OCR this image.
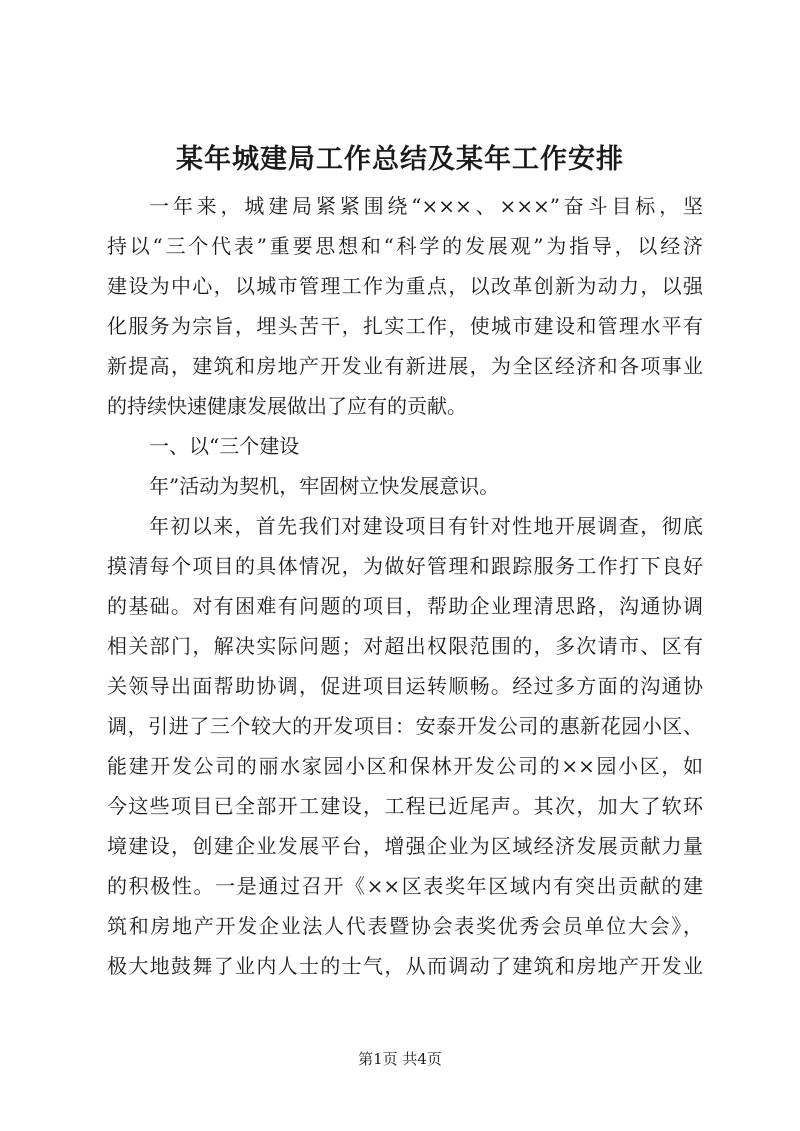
某年城建局工作总结及某年工作安排
一年来，城建局紧紧围绕“×××、×××”奋斗目标，坚
持以“三个代表”重要思想和“科学的发展观”为指导，以经济
建设为中心，以城市管理工作为重点，以改革创新为动力，以强
化服务为宗旨，埋头苦干，扎实工作，使城市建设和管理水平有
新提高，建筑和房地产开发业有新进展，为全区经济和各项事业
的持续快速健康发展做出了应有的贡献。
一、以“三个建设
年”活动为契机，牢固树立快发展意识。
年初以来，首先我们对建设项目有针对性地开展调查，彻底
摸清每个项目的具体情况，为做好管理和跟踪服务工作打下良好
的基础。对有困难有问题的项目，帮助企业理清思路，沟通协调
相关部门，解决实际问题；对超出权限范围的，多次请市、区有
关领导出面帮助协调，促进项目运转顺畅。经过多方面的沟通协
调，引进了三个较大的开发项目：安泰开发公司的惠新花园小区、
能建开发公司的丽水家园小区和保林开发公司的××园小区，如
今这些项目已全部开工建设，工程已近尾声。其次，加大了软环
境建设，创建企业发展平台，增强企业为区域经济发展贡献力量
的积极性。一是通过召开《××区表奖年区域内有突出贡献的建
筑和房地产开发企业法人代表暨协会表奖优秀会员单位大会》，
极大地鼓舞了业内人士的士气，从而调动了建筑和房地产开发业
第1页 共4页
